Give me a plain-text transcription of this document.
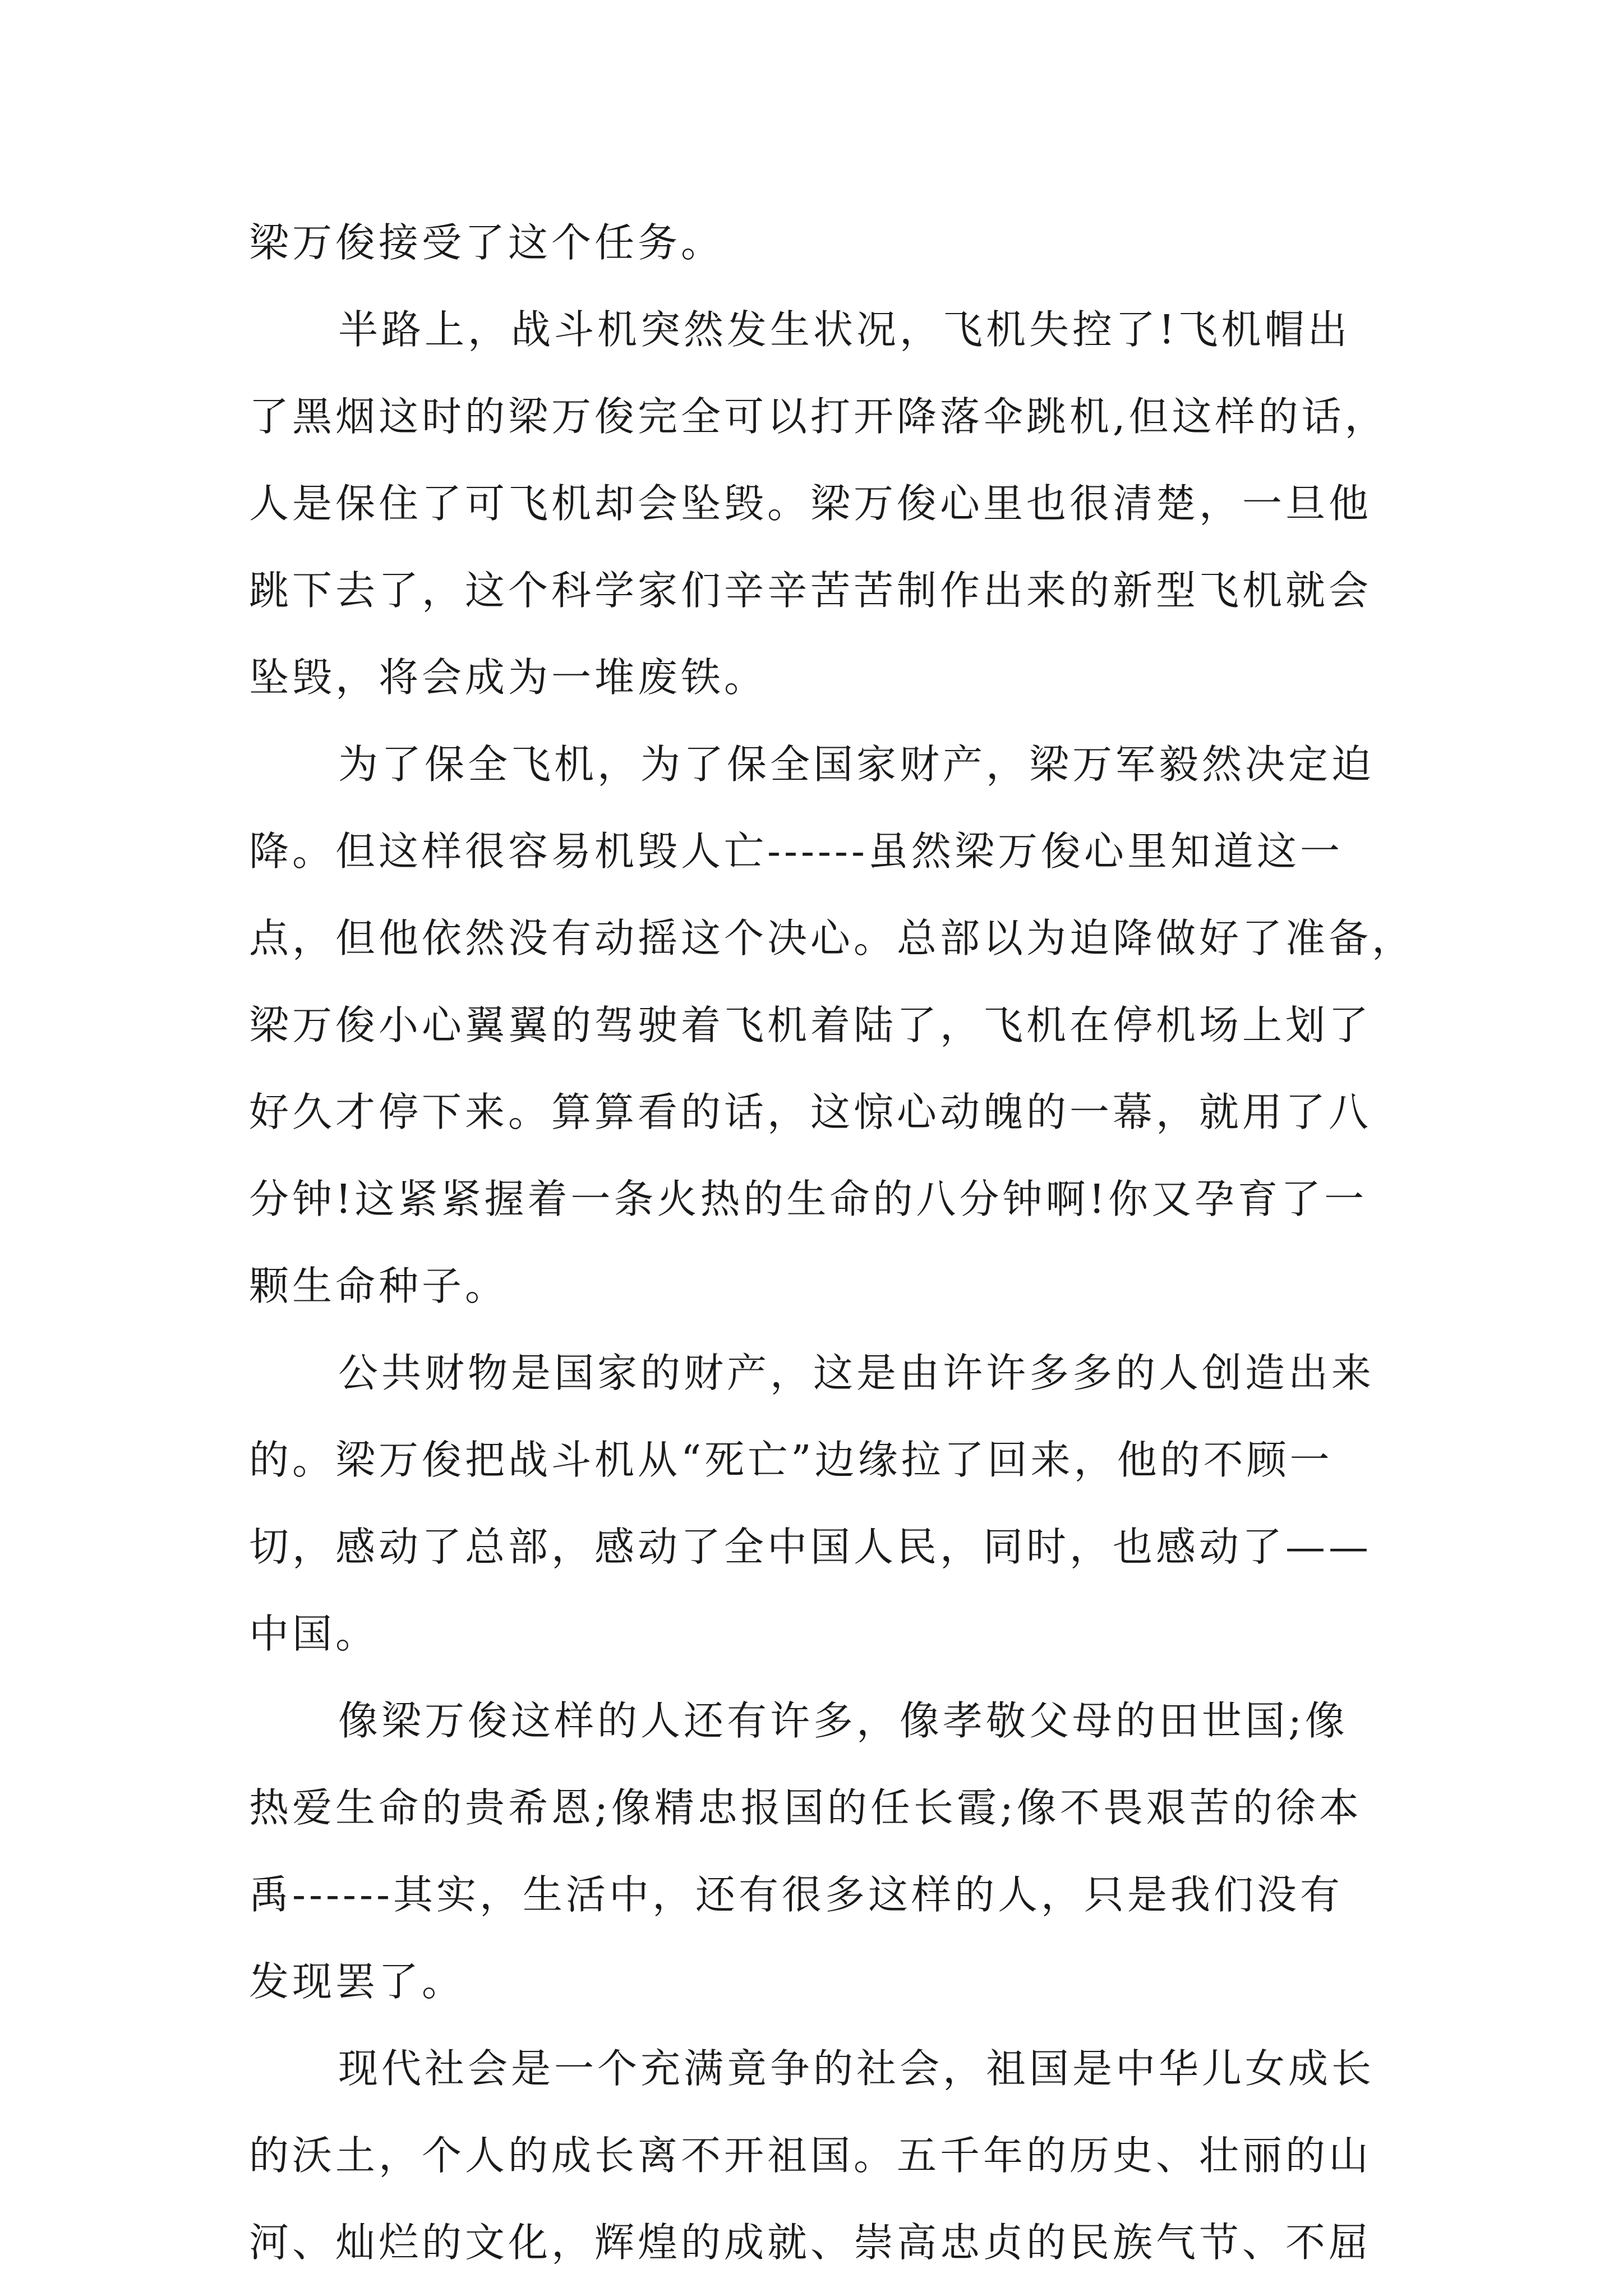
梁万俊接受了这个任务。
半路上，战斗机突然发生状况，飞机失控了!飞机帽出
了黑烟这时的梁万俊完全可以打开降落伞跳机,但这样的话，
人是保住了可飞机却会坠毁。梁万俊心里也很清楚，一旦他
跳下去了，这个科学家们辛辛苦苦制作出来的新型飞机就会
坠毁，将会成为一堆废铁。
为了保全飞机，为了保全国家财产，梁万军毅然决定迫
降。但这样很容易机毁人亡------虽然梁万俊心里知道这一
点，但他依然没有动摇这个决心。总部以为迫降做好了准备，
梁万俊小心翼翼的驾驶着飞机着陆了，飞机在停机场上划了
好久才停下来。算算看的话，这惊心动魄的一幕，就用了八
分钟!这紧紧握着一条火热的生命的八分钟啊!你又孕育了一
颗生命种子。
公共财物是国家的财产，这是由许许多多的人创造出来
的。梁万俊把战斗机从“死亡”边缘拉了回来，他的不顾一
切，感动了总部，感动了全中国人民，同时，也感动了——
中国。
像梁万俊这样的人还有许多，像孝敬父母的田世国;像
热爱生命的贵希恩;像精忠报国的任长霞;像不畏艰苦的徐本
禹------其实，生活中，还有很多这样的人，只是我们没有
发现罢了。
现代社会是一个充满竟争的社会，祖国是中华儿女成长
的沃土，个人的成长离不开祖国。五千年的历史、壮丽的山
河、灿烂的文化，辉煌的成就、崇高忠贞的民族气节、不屈
